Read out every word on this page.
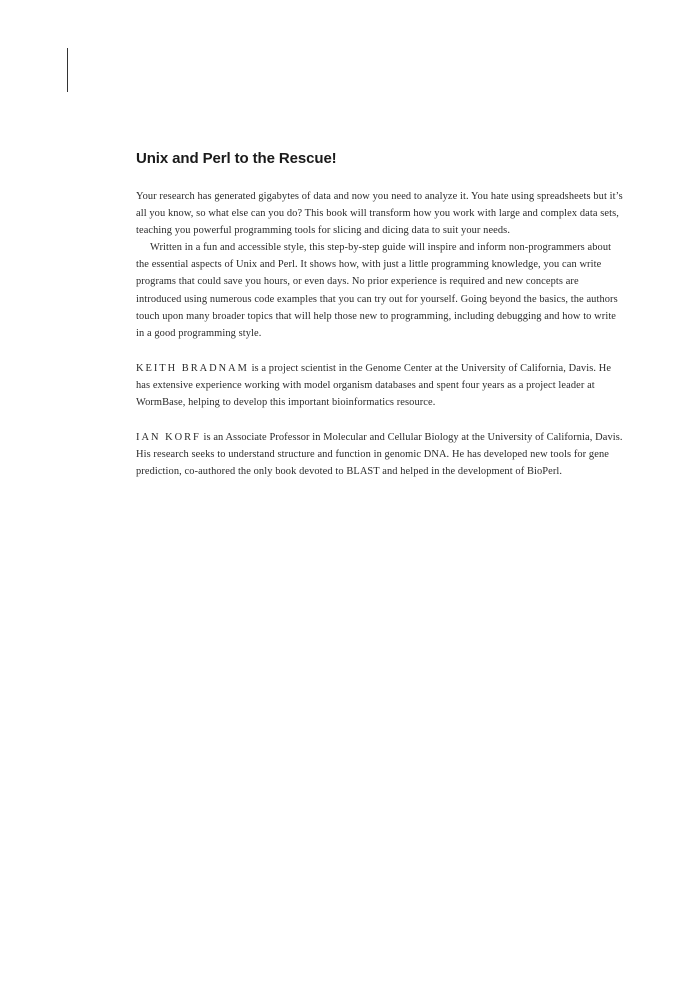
Unix and Perl to the Rescue!

Your research has generated gigabytes of data and now you need to analyze it. You hate using spreadsheets but it’s all you know, so what else can you do? This book will transform how you work with large and complex data sets, teaching you powerful programming tools for slicing and dicing data to suit your needs.

Written in a fun and accessible style, this step-by-step guide will inspire and inform non-programmers about the essential aspects of Unix and Perl. It shows how, with just a little programming knowledge, you can write programs that could save you hours, or even days. No prior experience is required and new concepts are introduced using numerous code examples that you can try out for yourself. Going beyond the basics, the authors touch upon many broader topics that will help those new to programming, including debugging and how to write in a good programming style.

KEITH BRADNAM is a project scientist in the Genome Center at the University of California, Davis. He has extensive experience working with model organism databases and spent four years as a project leader at WormBase, helping to develop this important bioinformatics resource.

IAN KORF is an Associate Professor in Molecular and Cellular Biology at the University of California, Davis. His research seeks to understand structure and function in genomic DNA. He has developed new tools for gene prediction, co-authored the only book devoted to BLAST and helped in the development of BioPerl.
